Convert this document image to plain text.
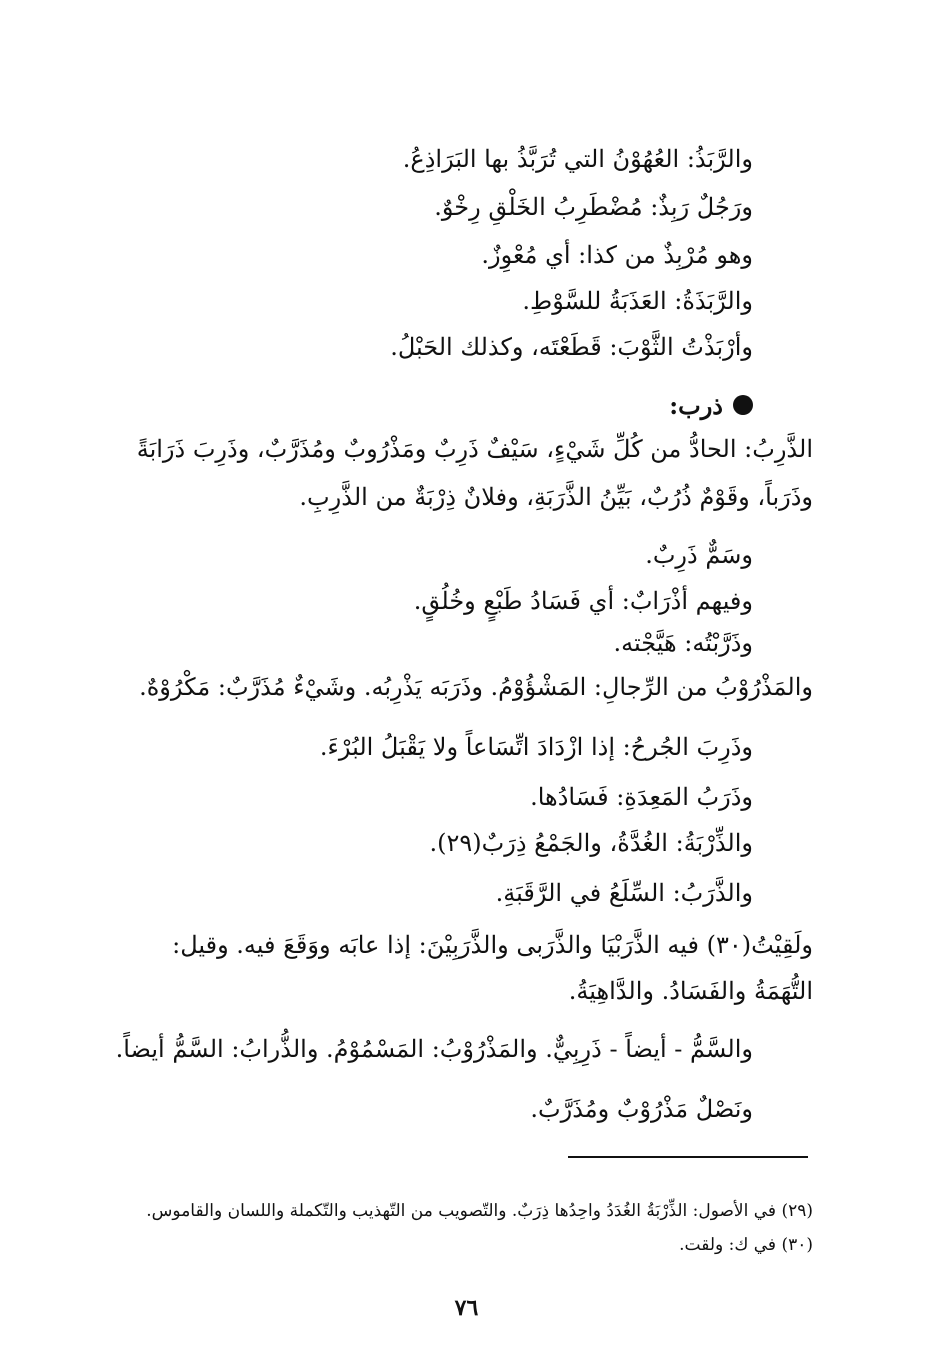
والرَّبَذُ: العُهُوْنُ التي تُرَبَّذُ بها البَرَاذِعُ.
ورَجُلٌ رَبِذٌ: مُضْطَرِبُ الخَلْقِ رِخْوٌ.
وهو مُرْبِذٌ من كذا: أي مُعْوِزٌ.
والرَّبَذَةُ: العَذَبَةُ للسَّوْطِ.
وأرْبَذْتُ الثَّوْبَ: قَطَعْتَه، وكذلك الحَبْلُ.
ذرب:
الذَّرِبُ: الحادُّ من كُلِّ شَيْءٍ، سَيْفٌ ذَرِبٌ ومَذْرُوبٌ ومُذَرَّبٌ، وذَرِبَ ذَرَابَةً
وذَرَباً، وقَوْمٌ ذُرُبٌ، بَيِّنُ الذَّرَبَةِ، وفلانٌ ذِرْبَةٌ من الذَّرِبِ.
وسَمٌّ ذَرِبٌ.
وفيهم أذْرَابٌ: أي فَسَادُ طَبْعٍ وخُلُقٍ.
وذَرَّبْتُه: هَيَّجْته.
والمَذْرُوْبُ من الرِّجالِ: المَشْؤُوْمُ. وذَرَبَه يَذْرِبُه. وشَيْءٌ مُذَرَّبٌ: مَكْرُوْهٌ.
وذَرِبَ الجُرحُ: إذا ازْدَادَ اتِّسَاعاً ولا يَقْبَلُ البُرْءَ.
وذَرَبُ المَعِدَةِ: فَسَادُها.
والذِّرْبَةُ: الغُدَّةُ، والجَمْعُ ذِرَبٌ(٢٩).
والذَّرَبُ: السِّلَعُ في الرَّقَبَةِ.
ولَقِيْتُ(٣٠) فيه الذَّرَبْيَا والذَّرَبى والذَّرَبِيْنَ: إذا عابَه ووَقَعَ فيه. وقيل:
التُّهَمَةُ والفَسَادُ. والدَّاهِيَةُ.
والسَّمُّ - أيضاً - ذَرِبِيٌّ. والمَذْرُوْبُ: المَسْمُوْمُ. والذُّرابُ: السَّمُّ أيضاً.
ونَصْلٌ مَذْرُوْبٌ ومُذَرَّبٌ.
(٢٩) في الأصول: الذِّرْبَةُ الغُدَدُ واحِدُها ذِرَبٌ. والتّصويب من التّهذيب والتّكملة واللسان والقاموس.
(٣٠) في ك: ولقت.
٧٦
